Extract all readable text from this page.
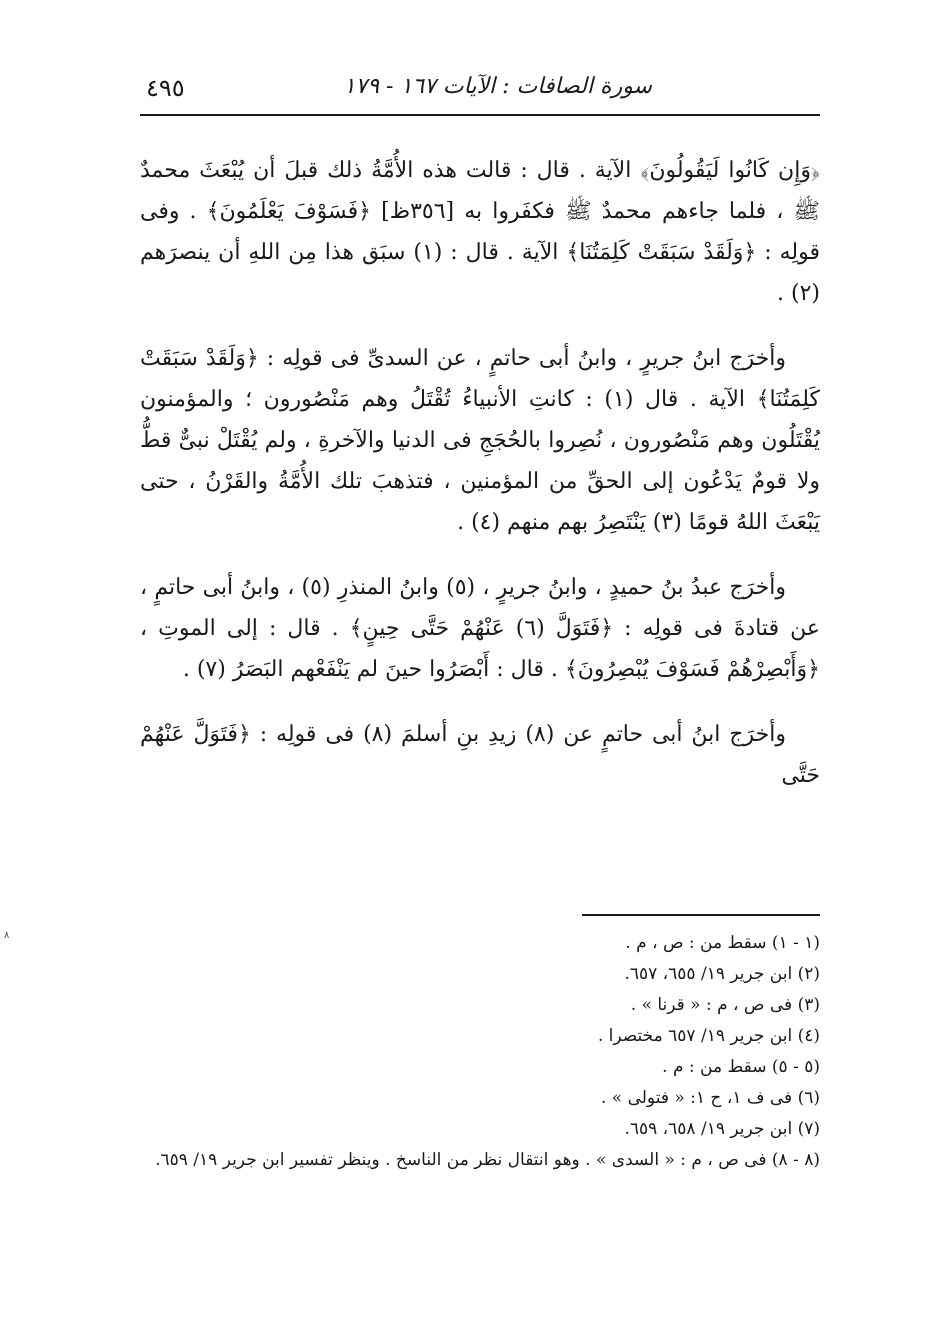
٤٩٥	سورة الصافات : الآيات ١٦٧ - ١٧٩

﴿وَإِن كَانُوا لَيَقُولُونَ﴾ الآية . قال : قالت هذه الأُمَّةُ ذلك قبلَ أن يُبْعَثَ محمدٌ ﷺ ، فلما جاءهم محمدٌ ﷺ فكفَروا به [٣٥٦ظ] ﴿فَسَوْفَ يَعْلَمُونَ﴾ . وفى قولِه : ﴿وَلَقَدْ سَبَقَتْ كَلِمَتُنَا﴾ الآية . قال : (١) سبَق هذا مِن اللهِ أن ينصرَهم (٢) .

وأخرَج ابنُ جريرٍ ، وابنُ أبى حاتمٍ ، عن السدىِّ فى قولِه : ﴿وَلَقَدْ سَبَقَتْ كَلِمَتُنَا﴾ الآية . قال (١) : كانتِ الأنبياءُ تُقْتَلُ وهم مَنْصُورون ؛ والمؤمنون يُقْتَلُون وهم مَنْصُورون ، نُصِروا بالحُجَجِ فى الدنيا والآخرةِ ، ولم يُقْتَلْ نبىٌّ قطُّ ولا قومٌ يَدْعُون إلى الحقِّ من المؤمنين ، فتذهبَ تلك الأُمَّةُ والقَرْنُ ، حتى يَبْعَثَ اللهُ قومًا (٣) يَنْتَصِرُ بهم منهم (٤) .

وأخرَج عبدُ بنُ حميدٍ ، وابنُ جريرٍ ، (٥) وابنُ المنذرِ (٥) ، وابنُ أبى حاتمٍ ، عن قتادةَ فى قولِه : ﴿فَتَوَلَّ (٦) عَنْهُمْ حَتَّى حِينٍ﴾ . قال : إلى الموتِ ، ﴿وَأَبْصِرْهُمْ فَسَوْفَ يُبْصِرُونَ﴾ . قال : أَبْصَرُوا حينَ لم يَنْفَعْهم البَصَرُ (٧) .

وأخرَج ابنُ أبى حاتمٍ عن (٨) زيدِ بنِ أسلمَ (٨) فى قولِه : ﴿فَتَوَلَّ عَنْهُمْ حَتَّى

(١ - ١) سقط من : ص ، م .
(٢) ابن جرير ١٩/ ٦٥٥، ٦٥٧.
(٣) فى ص ، م : « قرنا » .
(٤) ابن جرير ١٩/ ٦٥٧ مختصرا .
(٥ - ٥) سقط من : م .
(٦) فى ف ١، ح ١: « فتولى » .
(٧) ابن جرير ١٩/ ٦٥٨، ٦٥٩.
(٨ - ٨) فى ص ، م : « السدى » . وهو انتقال نظر من الناسخ . وينظر تفسير ابن جرير ١٩/ ٦٥٩.
٨
